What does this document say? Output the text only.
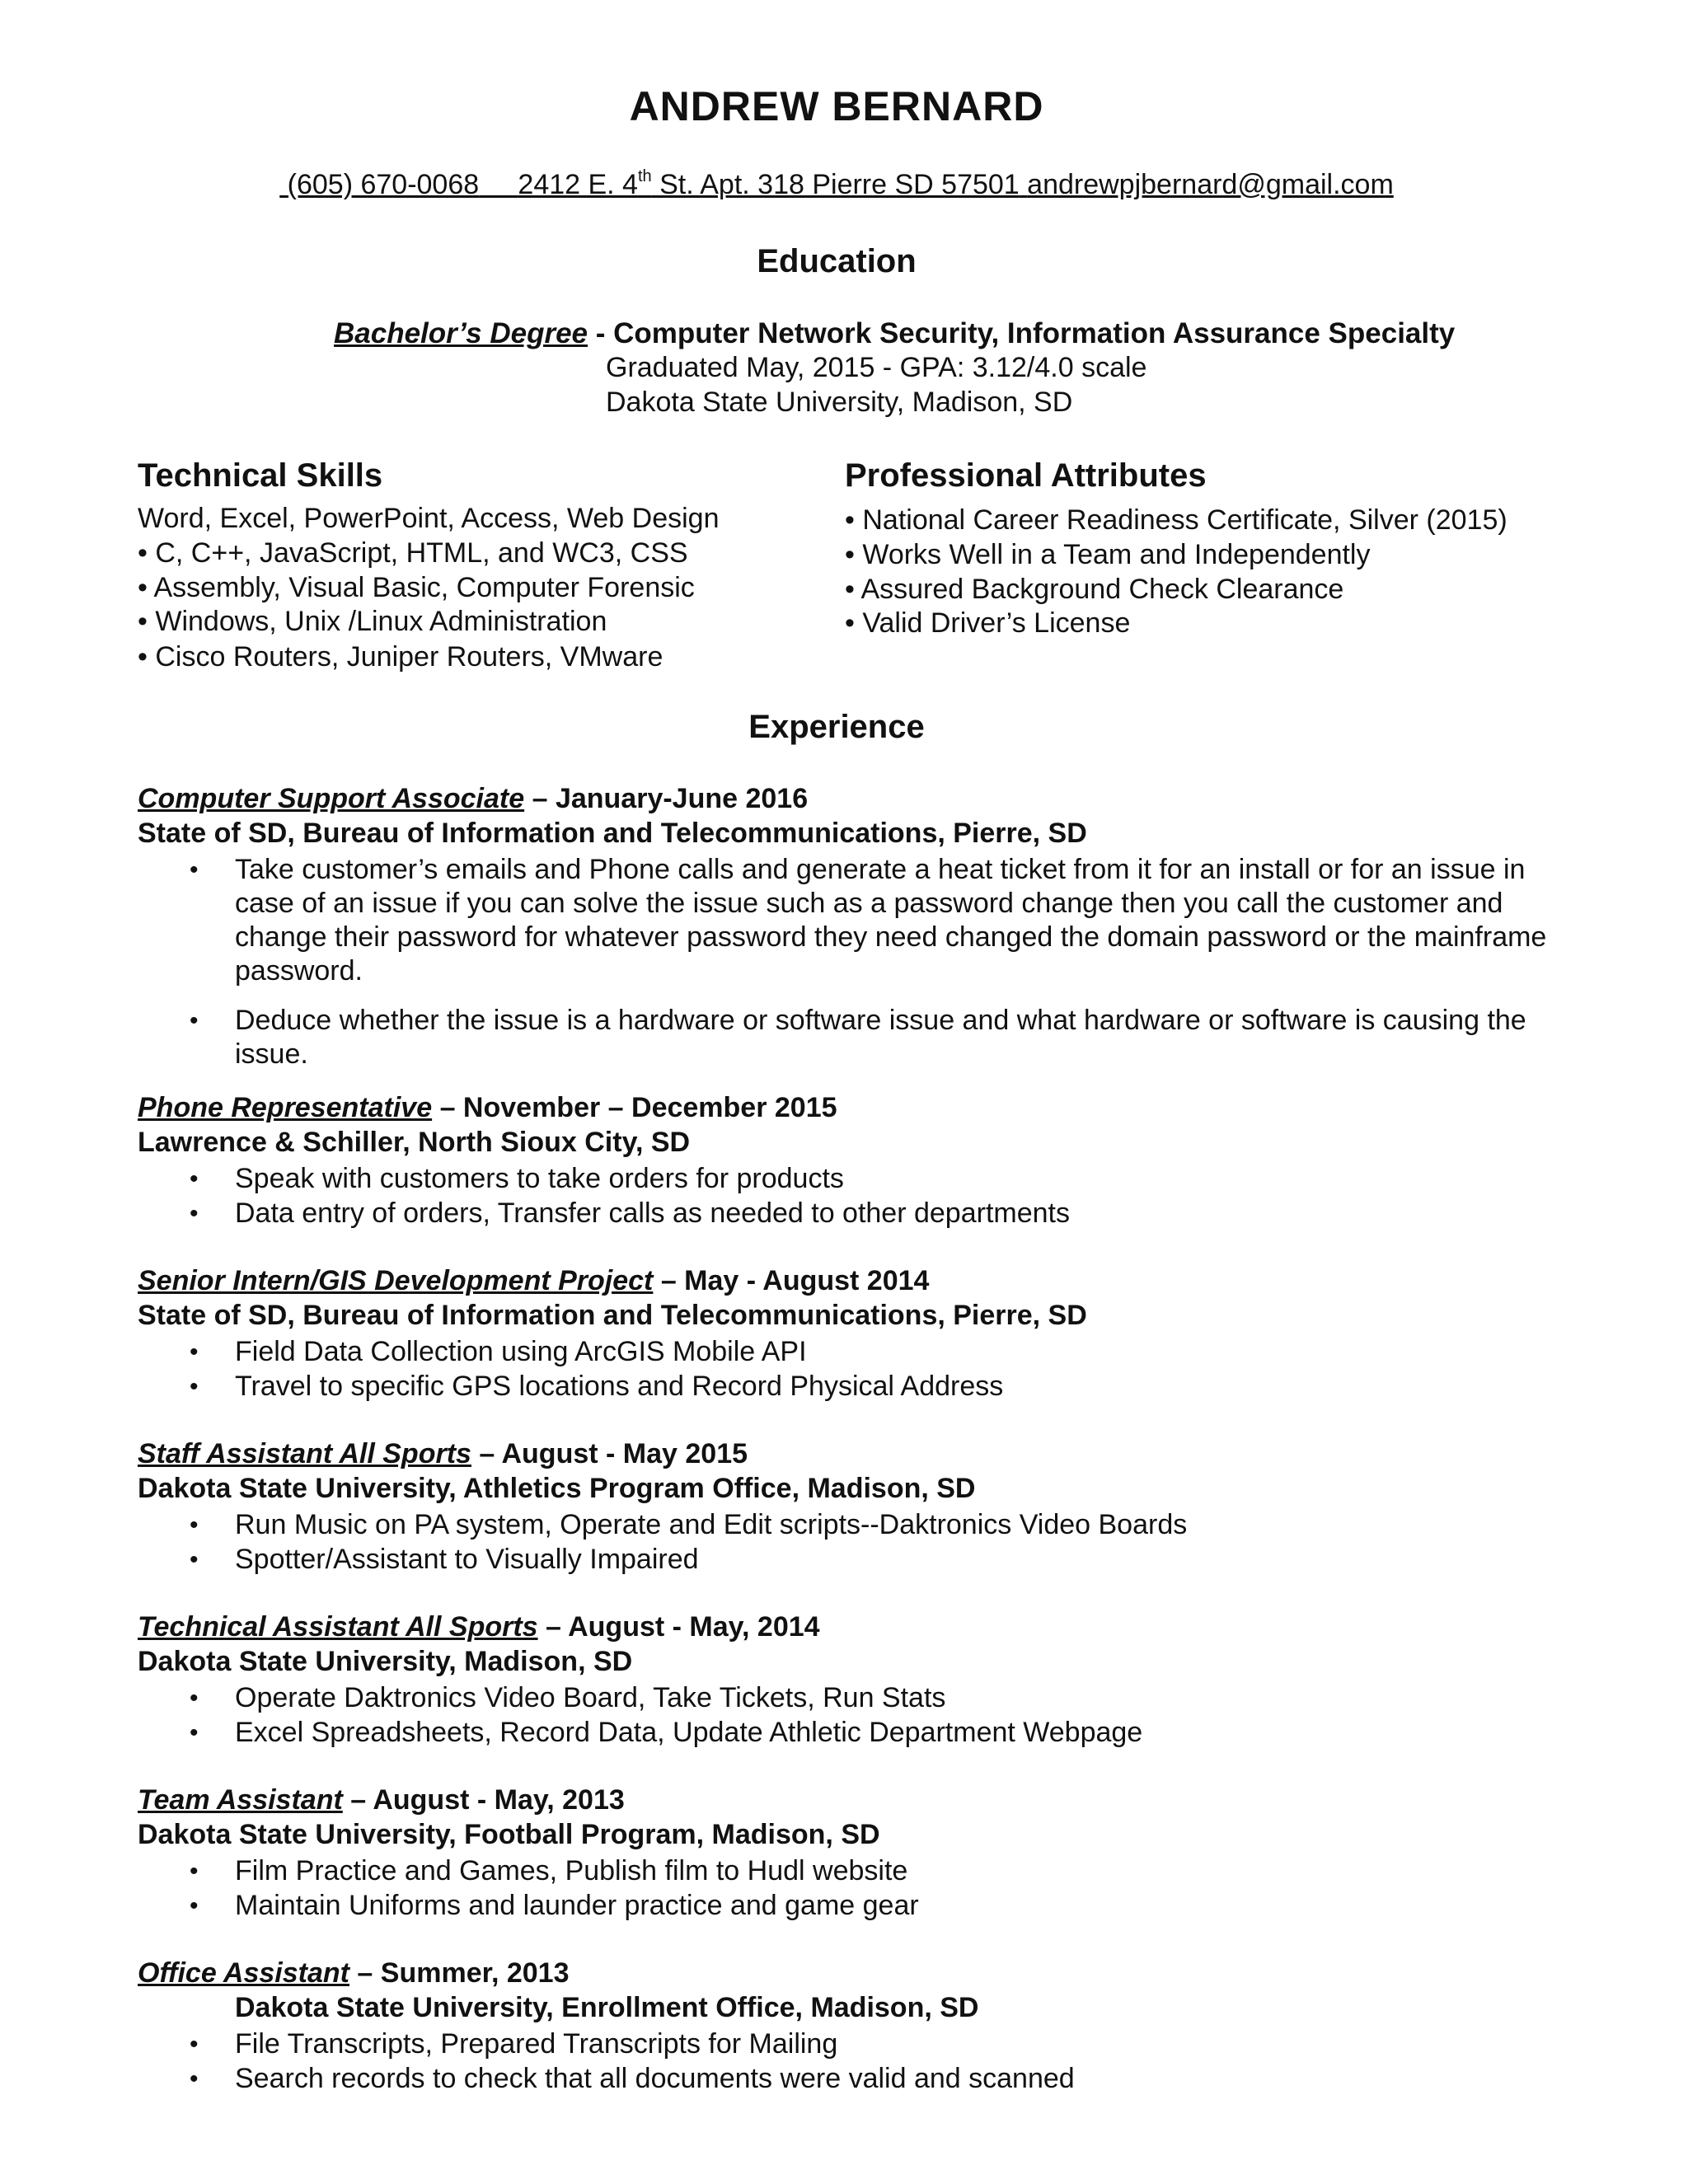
ANDREW BERNARD
(605) 670-0068 2412 E. 4th St. Apt. 318 Pierre SD 57501 andrewpjbernard@gmail.com
Education
Bachelor’s Degree - Computer Network Security, Information Assurance Specialty
Graduated May, 2015 - GPA: 3.12/4.0 scale
Dakota State University, Madison, SD
Technical Skills	Professional Attributes
Word, Excel, PowerPoint, Access, Web Design
• C, C++, JavaScript, HTML, and WC3, CSS
• Assembly, Visual Basic, Computer Forensic
• Windows, Unix /Linux Administration
• Cisco Routers, Juniper Routers, VMware
• National Career Readiness Certificate, Silver (2015)
• Works Well in a Team and Independently
• Assured Background Check Clearance
• Valid Driver’s License
Experience
Computer Support Associate – January-June 2016
State of SD, Bureau of Information and Telecommunications, Pierre, SD
• Take customer’s emails and Phone calls and generate a heat ticket from it for an install or for an issue in case of an issue if you can solve the issue such as a password change then you call the customer and change their password for whatever password they need changed the domain password or the mainframe password.
• Deduce whether the issue is a hardware or software issue and what hardware or software is causing the issue.
Phone Representative – November – December 2015
Lawrence & Schiller, North Sioux City, SD
• Speak with customers to take orders for products
• Data entry of orders, Transfer calls as needed to other departments
Senior Intern/GIS Development Project – May - August 2014
State of SD, Bureau of Information and Telecommunications, Pierre, SD
• Field Data Collection using ArcGIS Mobile API
• Travel to specific GPS locations and Record Physical Address
Staff Assistant All Sports – August - May 2015
Dakota State University, Athletics Program Office, Madison, SD
• Run Music on PA system, Operate and Edit scripts--Daktronics Video Boards
• Spotter/Assistant to Visually Impaired
Technical Assistant All Sports – August - May, 2014
Dakota State University, Madison, SD
• Operate Daktronics Video Board, Take Tickets, Run Stats
• Excel Spreadsheets, Record Data, Update Athletic Department Webpage
Team Assistant – August - May, 2013
Dakota State University, Football Program, Madison, SD
• Film Practice and Games, Publish film to Hudl website
• Maintain Uniforms and launder practice and game gear
Office Assistant – Summer, 2013
Dakota State University, Enrollment Office, Madison, SD
• File Transcripts, Prepared Transcripts for Mailing
• Search records to check that all documents were valid and scanned
